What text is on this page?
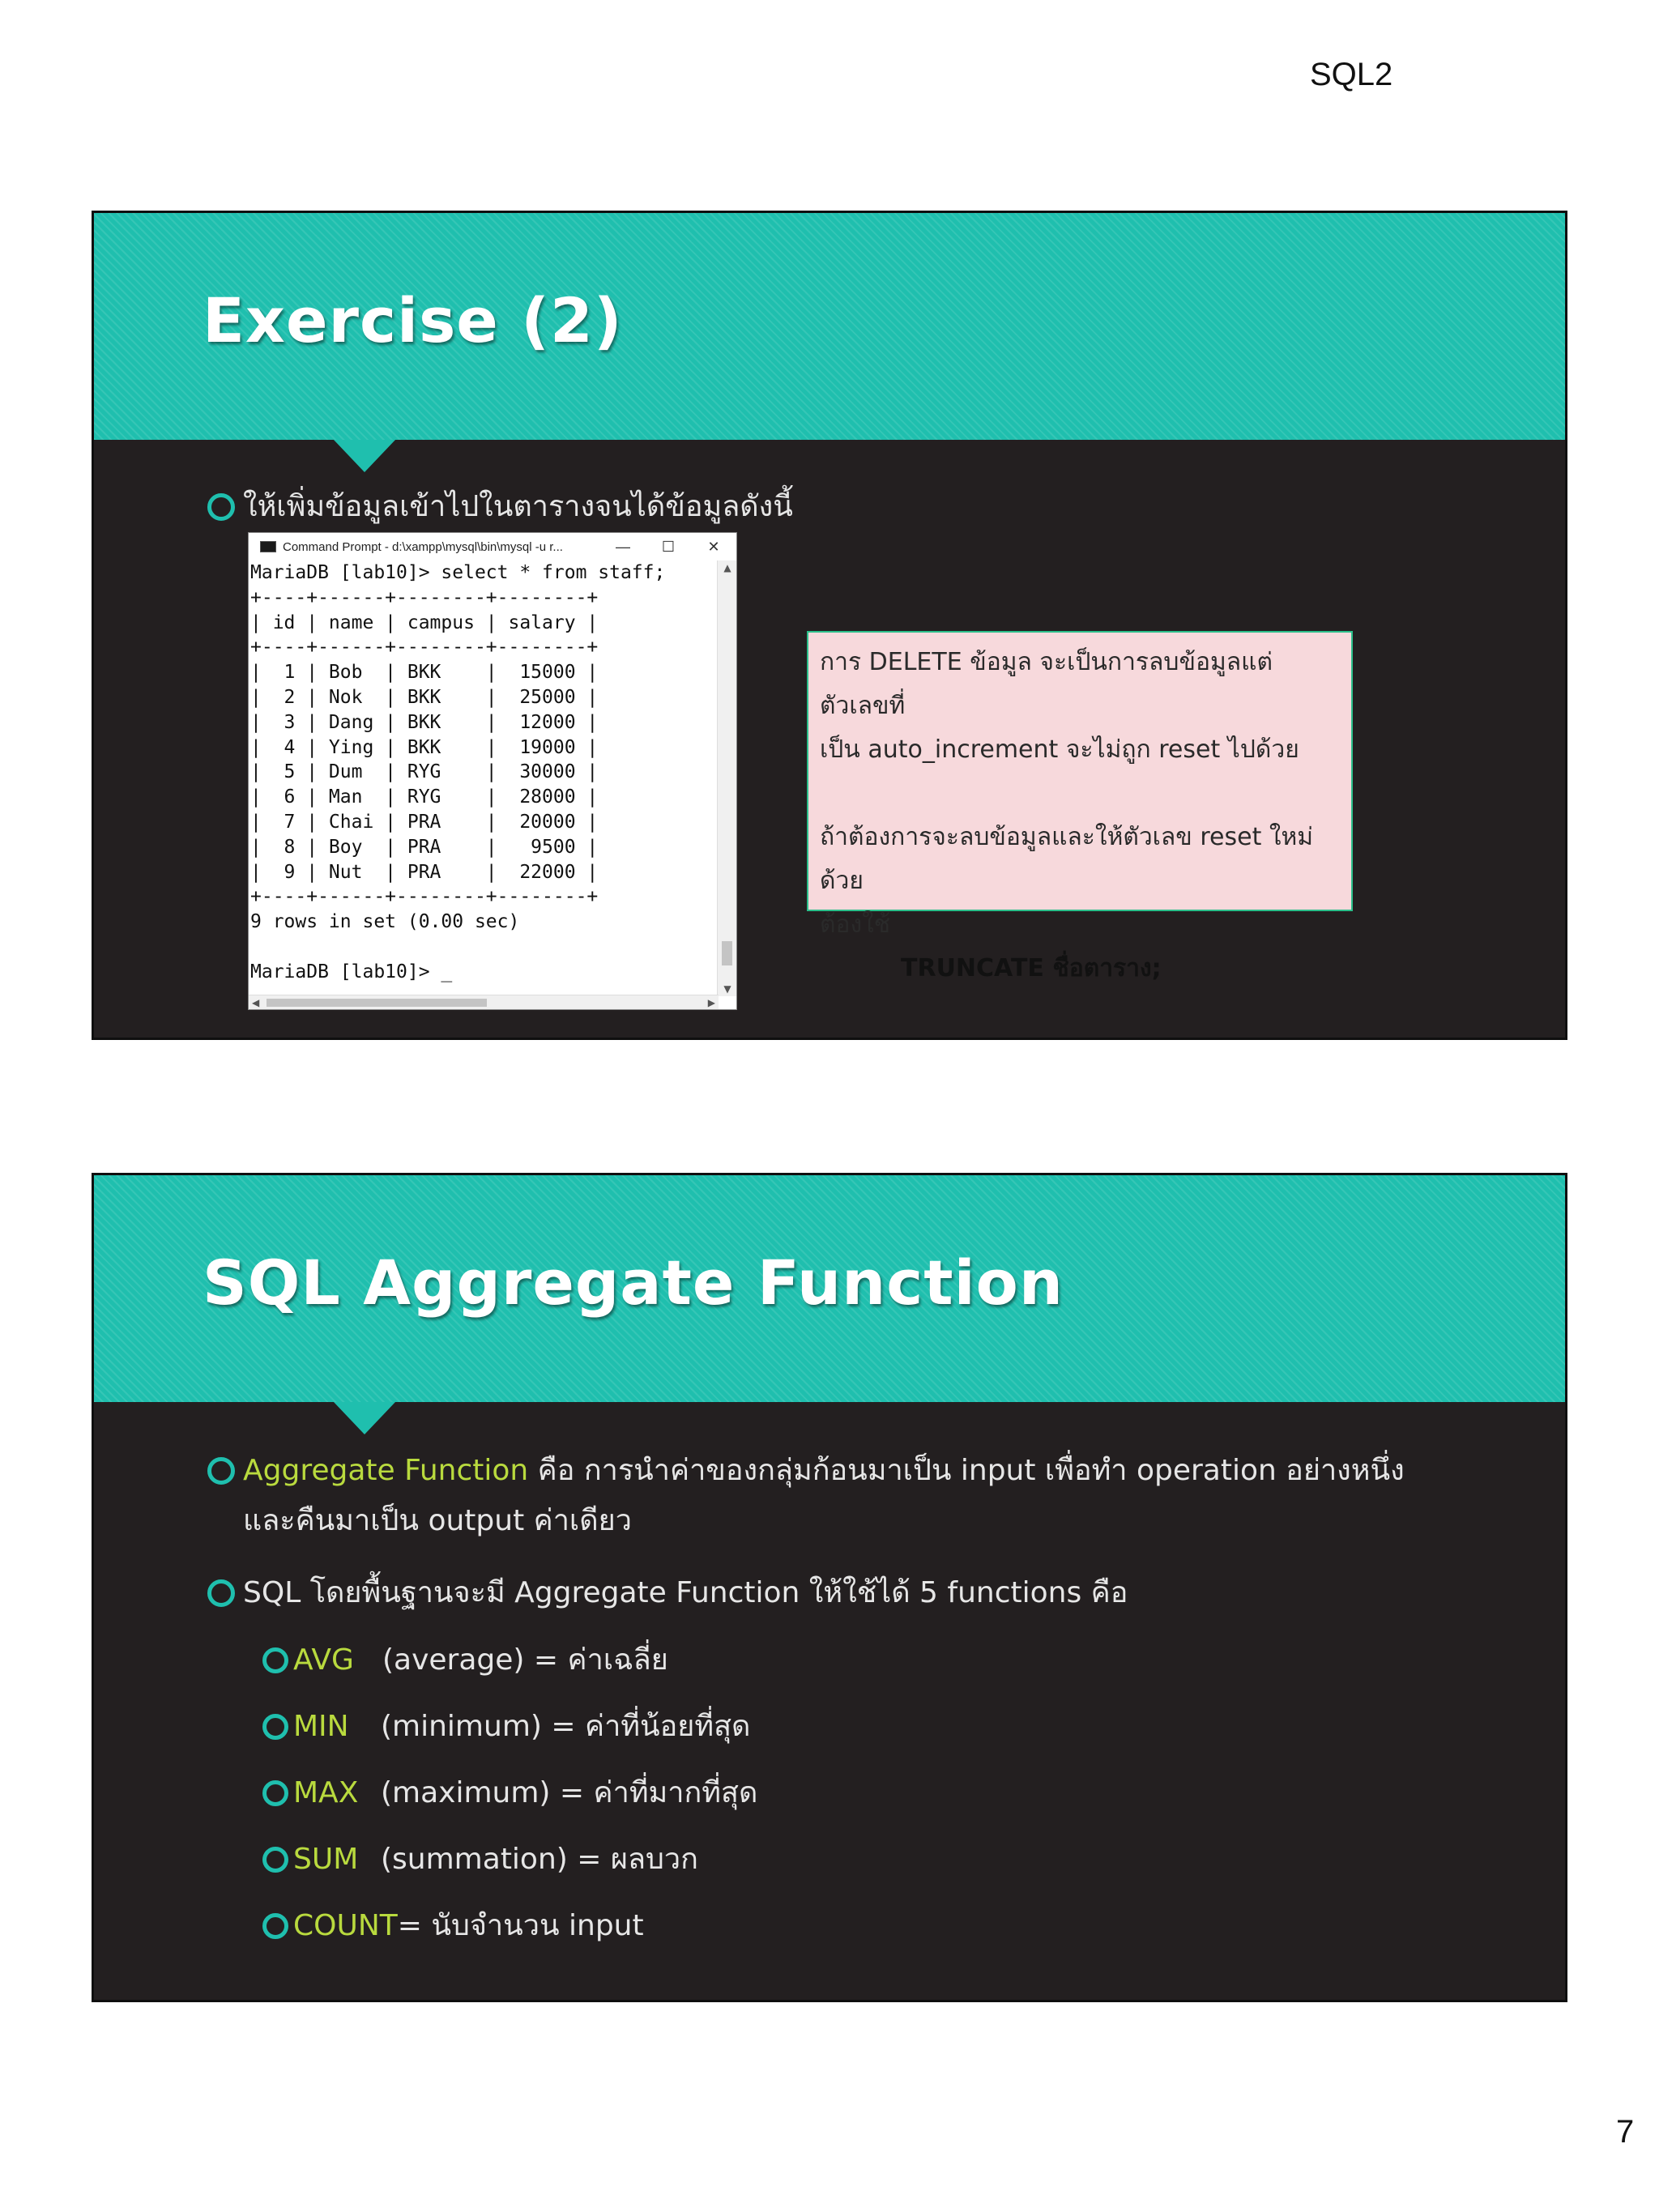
SQL2
Exercise (2)
ให้เพิ่มข้อมูลเข้าไปในตารางจนได้ข้อมูลดังนี้
Command Prompt - d:\xampp\mysql\bin\mysql -u r...	—	☐	✕
MariaDB [lab10]> select * from staff;
+----+------+--------+--------+
| id | name | campus | salary |
+----+------+--------+--------+
|  1 | Bob  | BKK    |  15000 |
|  2 | Nok  | BKK    |  25000 |
|  3 | Dang | BKK    |  12000 |
|  4 | Ying | BKK    |  19000 |
|  5 | Dum  | RYG    |  30000 |
|  6 | Man  | RYG    |  28000 |
|  7 | Chai | PRA    |  20000 |
|  8 | Boy  | PRA    |   9500 |
|  9 | Nut  | PRA    |  22000 |
+----+------+--------+--------+
9 rows in set (0.00 sec)

MariaDB [lab10]> _
▲
▼
◀	▶

การ DELETE ข้อมูล จะเป็นการลบข้อมูลแต่ตัวเลขที่

เป็น auto_increment จะไม่ถูก reset ไปด้วย

ถ้าต้องการจะลบข้อมูลและให้ตัวเลข reset ใหม่ด้วย

ต้องใช้

TRUNCATE ชื่อตาราง;

SQL Aggregate Function
Aggregate Function คือ การนำค่าของกลุ่มก้อนมาเป็น input เพื่อทำ operation อย่างหนึ่ง
และคืนมาเป็น output ค่าเดียว
SQL โดยพื้นฐานจะมี Aggregate Function ให้ใช้ได้ 5 functions คือ
AVG (average) = ค่าเฉลี่ย
MIN	(minimum) = ค่าที่น้อยที่สุด
MAX (maximum) = ค่าที่มากที่สุด
SUM (summation) = ผลบวก
COUNT = นับจำนวน input
7
